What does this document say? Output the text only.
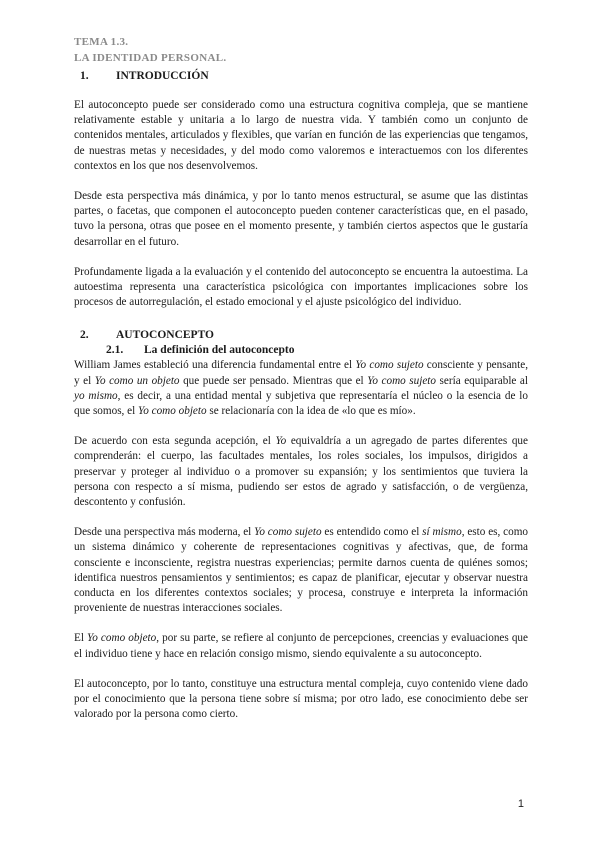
TEMA 1.3.
LA IDENTIDAD PERSONAL.
1.	INTRODUCCIÓN

El autoconcepto puede ser considerado como una estructura cognitiva compleja, que se mantiene relativamente estable y unitaria a lo largo de nuestra vida. Y también como un conjunto de contenidos mentales, articulados y flexibles, que varían en función de las experiencias que tengamos, de nuestras metas y necesidades, y del modo como valoremos e interactuemos con los diferentes contextos en los que nos desenvolvemos.

Desde esta perspectiva más dinámica, y por lo tanto menos estructural, se asume que las distintas partes, o facetas, que componen el autoconcepto pueden contener características que, en el pasado, tuvo la persona, otras que posee en el momento presente, y también ciertos aspectos que le gustaría desarrollar en el futuro.

Profundamente ligada a la evaluación y el contenido del autoconcepto se encuentra la autoestima. La autoestima representa una característica psicológica con importantes implicaciones sobre los procesos de autorregulación, el estado emocional y el ajuste psicológico del individuo.

2.	AUTOCONCEPTO
2.1.	La definición del autoconcepto

William James estableció una diferencia fundamental entre el Yo como sujeto consciente y pensante, y el Yo como un objeto que puede ser pensado. Mientras que el Yo como sujeto sería equiparable al yo mismo, es decir, a una entidad mental y subjetiva que representaría el núcleo o la esencia de lo que somos, el Yo como objeto se relacionaría con la idea de «lo que es mío».

De acuerdo con esta segunda acepción, el Yo equivaldría a un agregado de partes diferentes que comprenderán: el cuerpo, las facultades mentales, los roles sociales, los impulsos, dirigidos a preservar y proteger al individuo o a promover su expansión; y los sentimientos que tuviera la persona con respecto a sí misma, pudiendo ser estos de agrado y satisfacción, o de vergüenza, descontento y confusión.

Desde una perspectiva más moderna, el Yo como sujeto es entendido como el sí mismo, esto es, como un sistema dinámico y coherente de representaciones cognitivas y afectivas, que, de forma consciente e inconsciente, registra nuestras experiencias; permite darnos cuenta de quiénes somos; identifica nuestros pensamientos y sentimientos; es capaz de planificar, ejecutar y observar nuestra conducta en los diferentes contextos sociales; y procesa, construye e interpreta la información proveniente de nuestras interacciones sociales.

El Yo como objeto, por su parte, se refiere al conjunto de percepciones, creencias y evaluaciones que el individuo tiene y hace en relación consigo mismo, siendo equivalente a su autoconcepto.

El autoconcepto, por lo tanto, constituye una estructura mental compleja, cuyo contenido viene dado por el conocimiento que la persona tiene sobre sí misma; por otro lado, ese conocimiento debe ser valorado por la persona como cierto.

1
